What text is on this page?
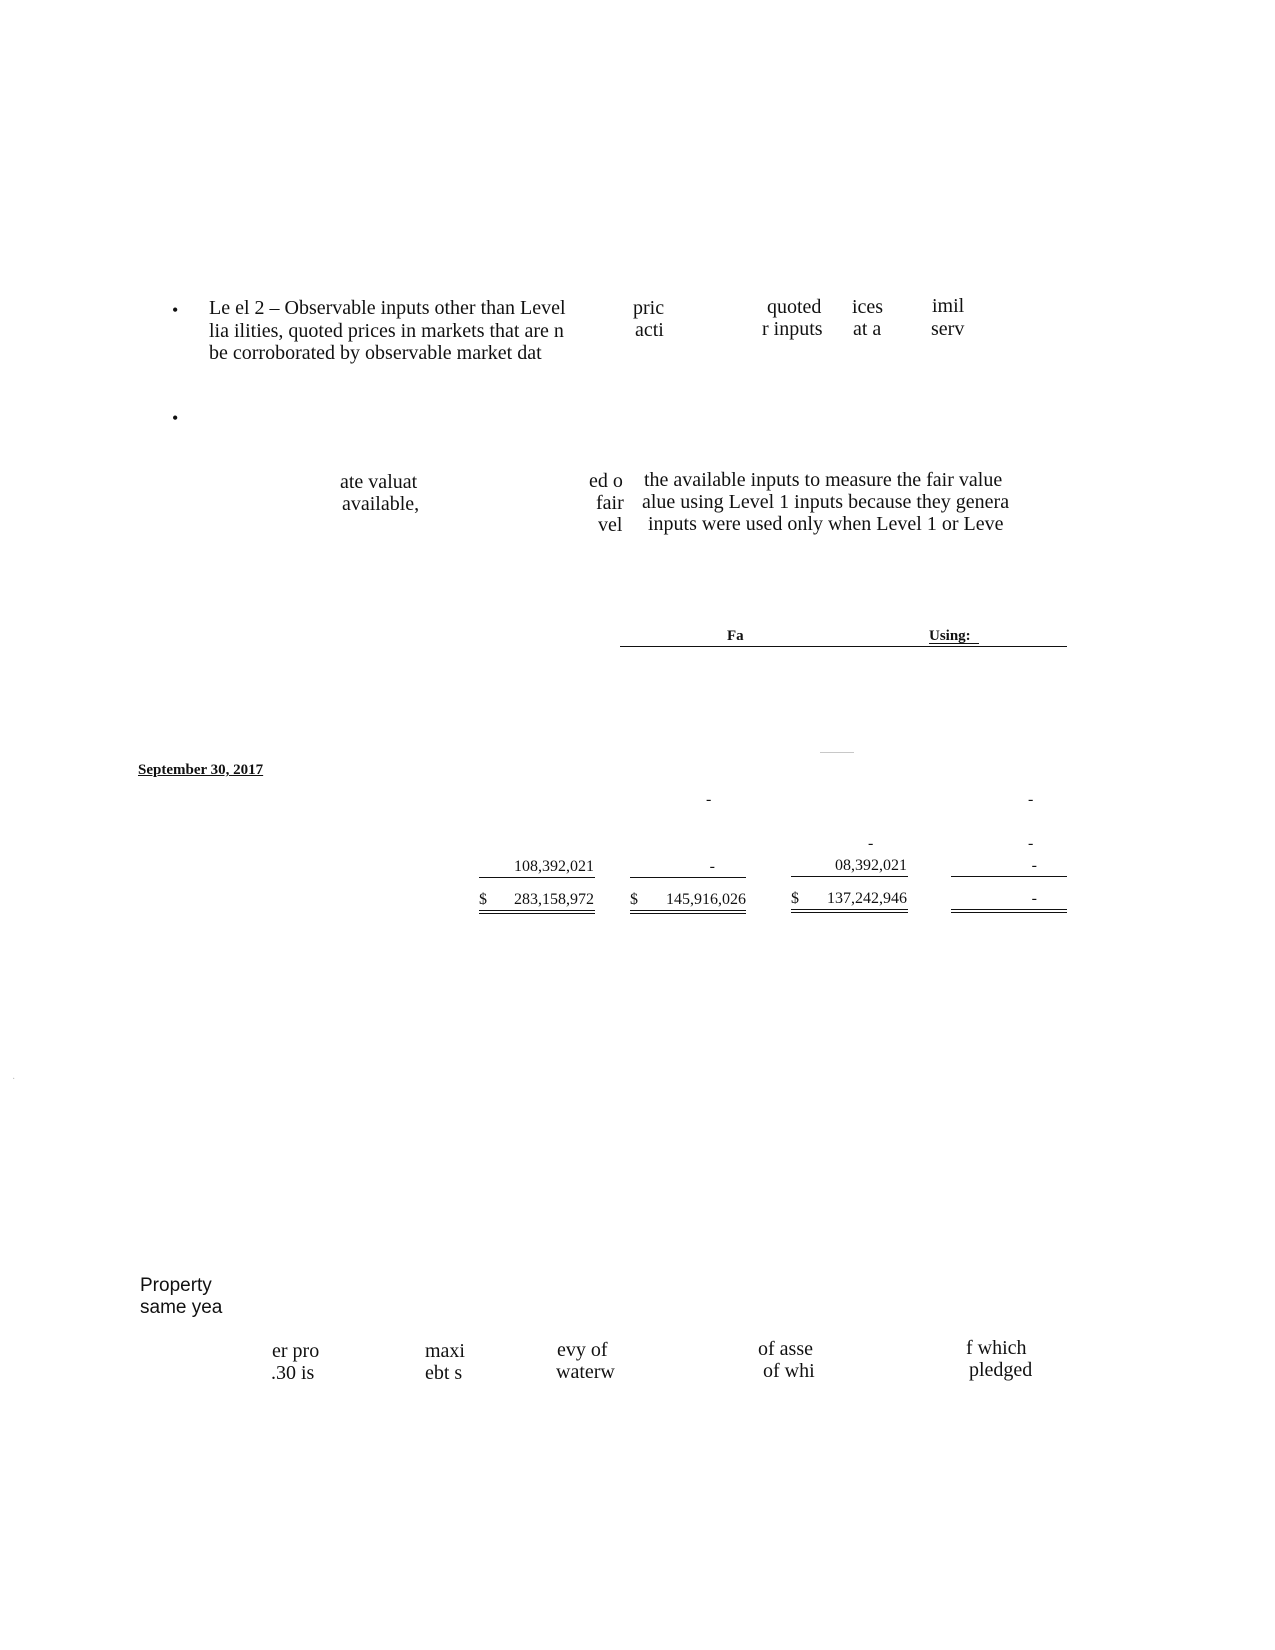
• Le el 2 – Observable inputs other than Level	pric	quoted ices imil
lia ilities, quoted prices in markets that are n	acti	r inputs at a serv
be corroborated by observable market dat
•
ate valuat
available,
ed o
fair
vel
the available inputs to measure the fair value
alue using Level 1 inputs because they genera
inputs were used only when Level 1 or Leve
Fa	Using:
September 30, 2017
-	-
-	-
108,392,021	-	08,392,021	-
$	283,158,972 $	145,916,026	$	137,242,946	-
·
Property
same yea
er pro
.30 is
maxi
ebt s
evy of
waterw
of asse
of whi
f which
pledged
